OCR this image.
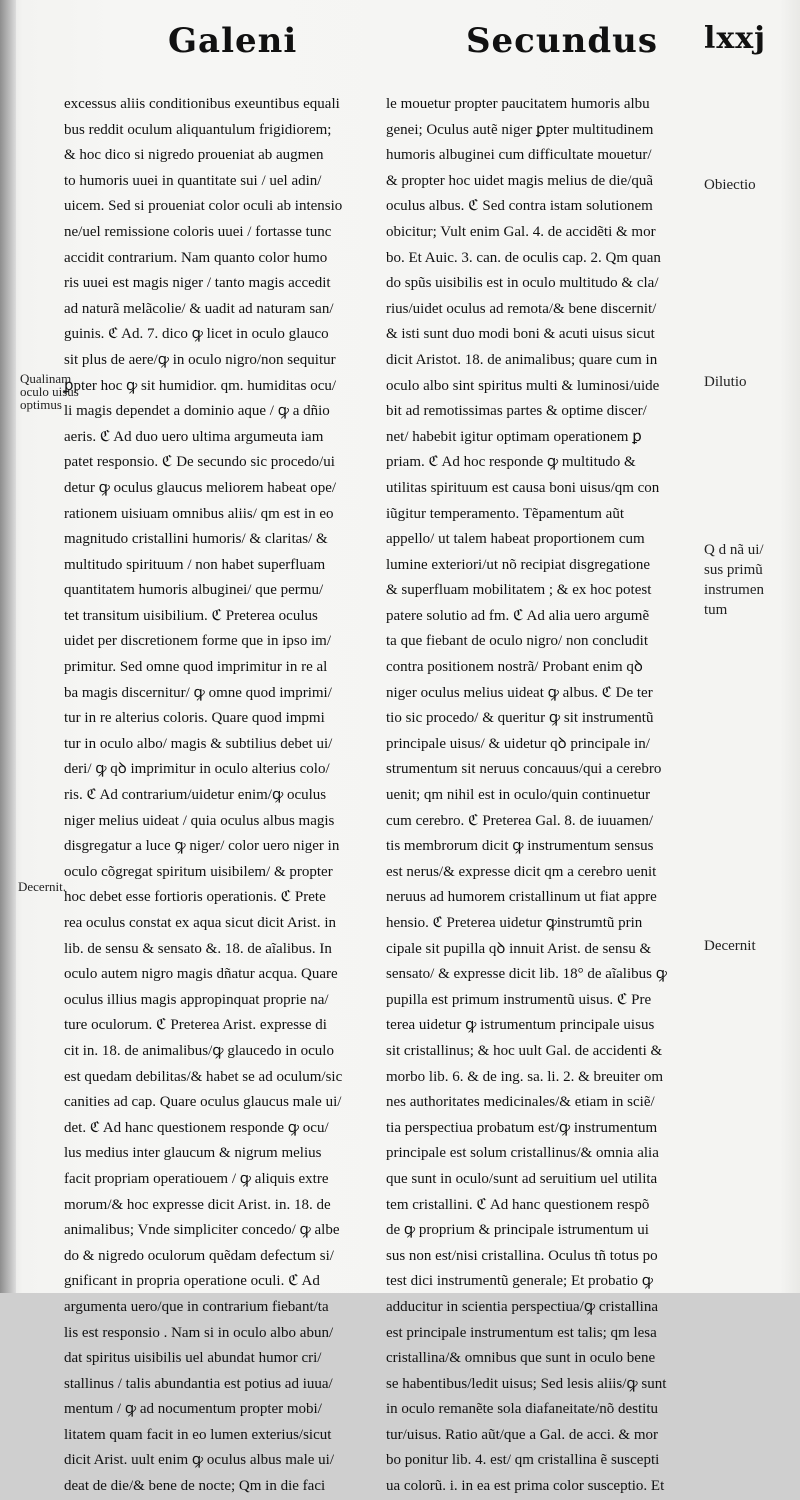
Galeni	Secundus lxxj
excessus aliis conditionibus exeuntibus equali
bus reddit oculum aliquantulum frigidiorem;
& hoc dico si nigredo proueniat ab augmen
to humoris uuei in quantitate sui / uel adin/
uicem. Sed si proueniat color oculi ab intensio
ne/uel remissione coloris uuei / fortasse tunc
accidit contrarium. Nam quanto color humo
ris uuei est magis niger / tanto magis accedit
ad naturã melãcolie/ & uadit ad naturam san/
guinis. ℭ Ad. 7. dico ꝙ licet in oculo glauco
sit plus de aere/ꝙ in oculo nigro/non sequitur
ꝑpter hoc ꝙ sit humidior. qm. humiditas ocu/
li magis dependet a dominio aque / ꝙ a dñio
aeris. ℭ Ad duo uero ultima argumeuta iam
patet responsio. ℭ De secundo sic procedo/ui
detur ꝙ oculus glaucus meliorem habeat ope/
rationem uisiuam omnibus aliis/ qm est in eo
magnitudo cristallini humoris/ & claritas/ &
multitudo spirituum / non habet superfluam
quantitatem humoris albuginei/ que permu/
tet transitum uisibilium. ℭ Preterea oculus
uidet per discretionem forme que in ipso im/
primitur. Sed omne quod imprimitur in re al
ba magis discernitur/ ꝙ omne quod imprimi/
tur in re alterius coloris. Quare quod impmi
tur in oculo albo/ magis & subtilius debet ui/
deri/ ꝙ qꝺ imprimitur in oculo alterius colo/
ris. ℭ Ad contrarium/uidetur enim/ꝙ oculus
niger melius uideat / quia oculus albus magis
disgregatur a luce ꝙ niger/ color uero niger in
oculo cõgregat spiritum uisibilem/ & propter
hoc debet esse fortioris operationis. ℭ Prete
rea oculus constat ex aqua sicut dicit Arist. in
lib. de sensu & sensato &. 18. de aĩalibus. In
oculo autem nigro magis dñatur acqua. Quare
oculus illius magis appropinquat proprie na/
ture oculorum. ℭ Preterea Arist. expresse di
cit in. 18. de animalibus/ꝙ glaucedo in oculo
est quedam debilitas/& habet se ad oculum/sic
canities ad cap. Quare oculus glaucus male ui/
det. ℭ Ad hanc questionem responde ꝙ ocu/
lus medius inter glaucum & nigrum melius
facit propriam operatiouem / ꝙ aliquis extre
morum/& hoc expresse dicit Arist. in. 18. de
animalibus; Vnde simpliciter concedo/ ꝙ albe
do & nigredo oculorum quẽdam defectum si/
gnificant in propria operatione oculi. ℭ Ad
argumenta uero/que in contrarium fiebant/ta
lis est responsio . Nam si in oculo albo abun/
dat spiritus uisibilis uel abundat humor cri/
stallinus / talis abundantia est potius ad iuua/
mentum / ꝙ ad nocumentum propter mobi/
litatem quam facit in eo lumen exterius/sicut
dicit Arist. uult enim ꝙ oculus albus male ui/
deat de die/& bene de nocte; Qm in die faci
le mouetur propter paucitatem humoris albu
genei; Oculus autẽ niger ꝑpter multitudinem
humoris albuginei cum difficultate mouetur/
& propter hoc uidet magis melius de die/quã
oculus albus. ℭ Sed contra istam solutionem
obicitur; Vult enim Gal. 4. de accidẽti & mor
bo. Et Auic. 3. can. de oculis cap. 2. Qm quan
do spũs uisibilis est in oculo multitudo & cla/
rius/uidet oculus ad remota/& bene discernit/
& isti sunt duo modi boni & acuti uisus sicut
dicit Aristot. 18. de animalibus; quare cum in
oculo albo sint spiritus multi & luminosi/uide
bit ad remotissimas partes & optime discer/
net/ habebit igitur optimam operationem ꝑ
priam. ℭ Ad hoc responde ꝙ multitudo &
utilitas spirituum est causa boni uisus/qm con
iũgitur temperamento. Tẽpamentum aũt
appello/ ut talem habeat proportionem cum
lumine exteriori/ut nõ recipiat disgregatione
& superfluam mobilitatem ; & ex hoc potest
patere solutio ad fm. ℭ Ad alia uero argumẽ
ta que fiebant de oculo nigro/ non concludit
contra positionem nostrã/ Probant enim qꝺ
niger oculus melius uideat ꝙ albus. ℭ De ter
tio sic procedo/ & queritur ꝙ sit instrumentũ
principale uisus/ & uidetur qꝺ principale in/
strumentum sit neruus concauus/qui a cerebro
uenit; qm nihil est in oculo/quin continuetur
cum cerebro. ℭ Preterea Gal. 8. de iuuamen/
tis membrorum dicit ꝙ instrumentum sensus
est nerus/& expresse dicit qm a cerebro uenit
neruus ad humorem cristallinum ut fiat appre
hensio. ℭ Preterea uidetur ꝙinstrumtũ prin
cipale sit pupilla qꝺ innuit Arist. de sensu &
sensato/ & expresse dicit lib. 18° de aĩalibus ꝙ
pupilla est primum instrumentũ uisus. ℭ Pre
terea uidetur ꝙ istrumentum principale uisus
sit cristallinus; & hoc uult Gal. de accidenti &
morbo lib. 6. & de ing. sa. li. 2. & breuiter om
nes authoritates medicinales/& etiam in sciẽ/
tia perspectiua probatum est/ꝙ instrumentum
principale est solum cristallinus/& omnia alia
que sunt in oculo/sunt ad seruitium uel utilita
tem cristallini. ℭ Ad hanc questionem respõ
de ꝙ proprium & principale istrumentum ui
sus non est/nisi cristallina. Oculus tñ totus po
test dici instrumentũ generale; Et probatio ꝙ
adducitur in scientia perspectiua/ꝙ cristallina
est principale instrumentum est talis; qm lesa
cristallina/& omnibus que sunt in oculo bene
se habentibus/ledit uisus; Sed lesis aliis/ꝙ sunt
in oculo remanẽte sola diafaneitate/nõ destitu
tur/uisus. Ratio aũt/que a Gal. de acci. & mor
bo ponitur lib. 4. est/ qm cristallina ẽ suscepti
ua colorũ. i. in ea est prima color susceptio. Et
Qualinam
oculo uisus
optimus
Decernit.
Obiectio
Dilutio
Q d nã ui/
sus primũ
instrumen
tum
Decernit
